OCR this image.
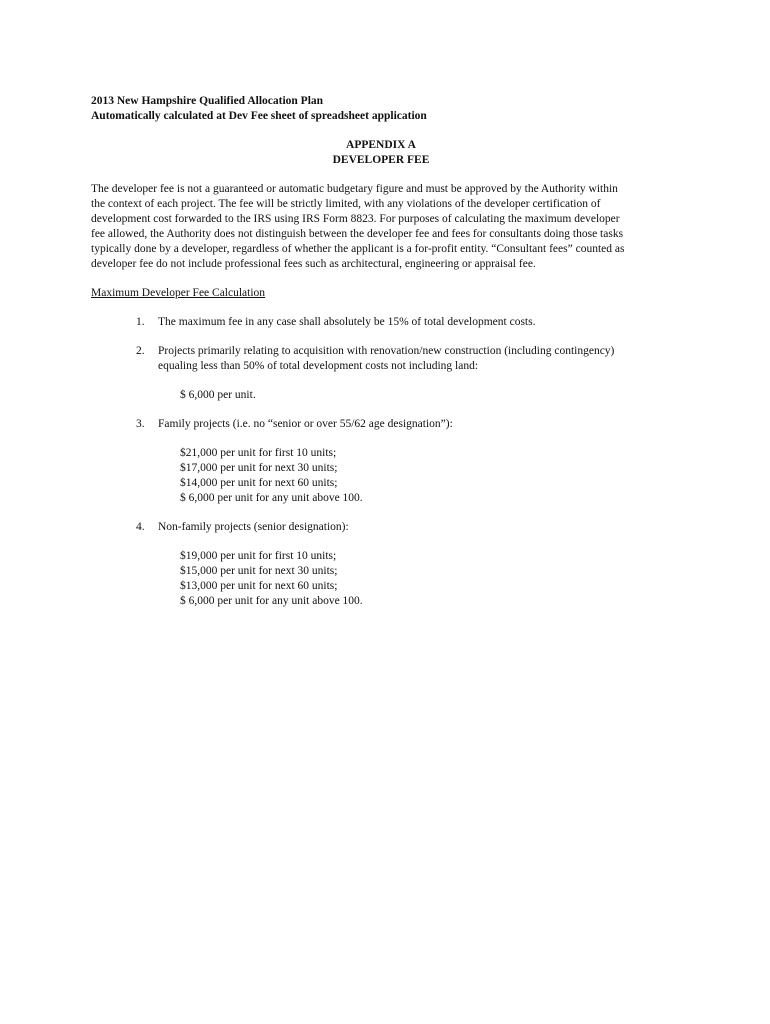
2013 New Hampshire Qualified Allocation Plan
Automatically calculated at Dev Fee sheet of spreadsheet application
APPENDIX A
DEVELOPER FEE
The developer fee is not a guaranteed or automatic budgetary figure and must be approved by the Authority within
the context of each project. The fee will be strictly limited, with any violations of the developer certification of
development cost forwarded to the IRS using IRS Form 8823. For purposes of calculating the maximum developer
fee allowed, the Authority does not distinguish between the developer fee and fees for consultants doing those tasks
typically done by a developer, regardless of whether the applicant is a for-profit entity. “Consultant fees” counted as
developer fee do not include professional fees such as architectural, engineering or appraisal fee.
Maximum Developer Fee Calculation
1. The maximum fee in any case shall absolutely be 15% of total development costs.
2. Projects primarily relating to acquisition with renovation/new construction (including contingency)
equaling less than 50% of total development costs not including land:
$ 6,000 per unit.
3. Family projects (i.e. no “senior or over 55/62 age designation”):
$21,000 per unit for first 10 units;
$17,000 per unit for next 30 units;
$14,000 per unit for next 60 units;
$ 6,000 per unit for any unit above 100.
4. Non-family projects (senior designation):
$19,000 per unit for first 10 units;
$15,000 per unit for next 30 units;
$13,000 per unit for next 60 units;
$ 6,000 per unit for any unit above 100.
